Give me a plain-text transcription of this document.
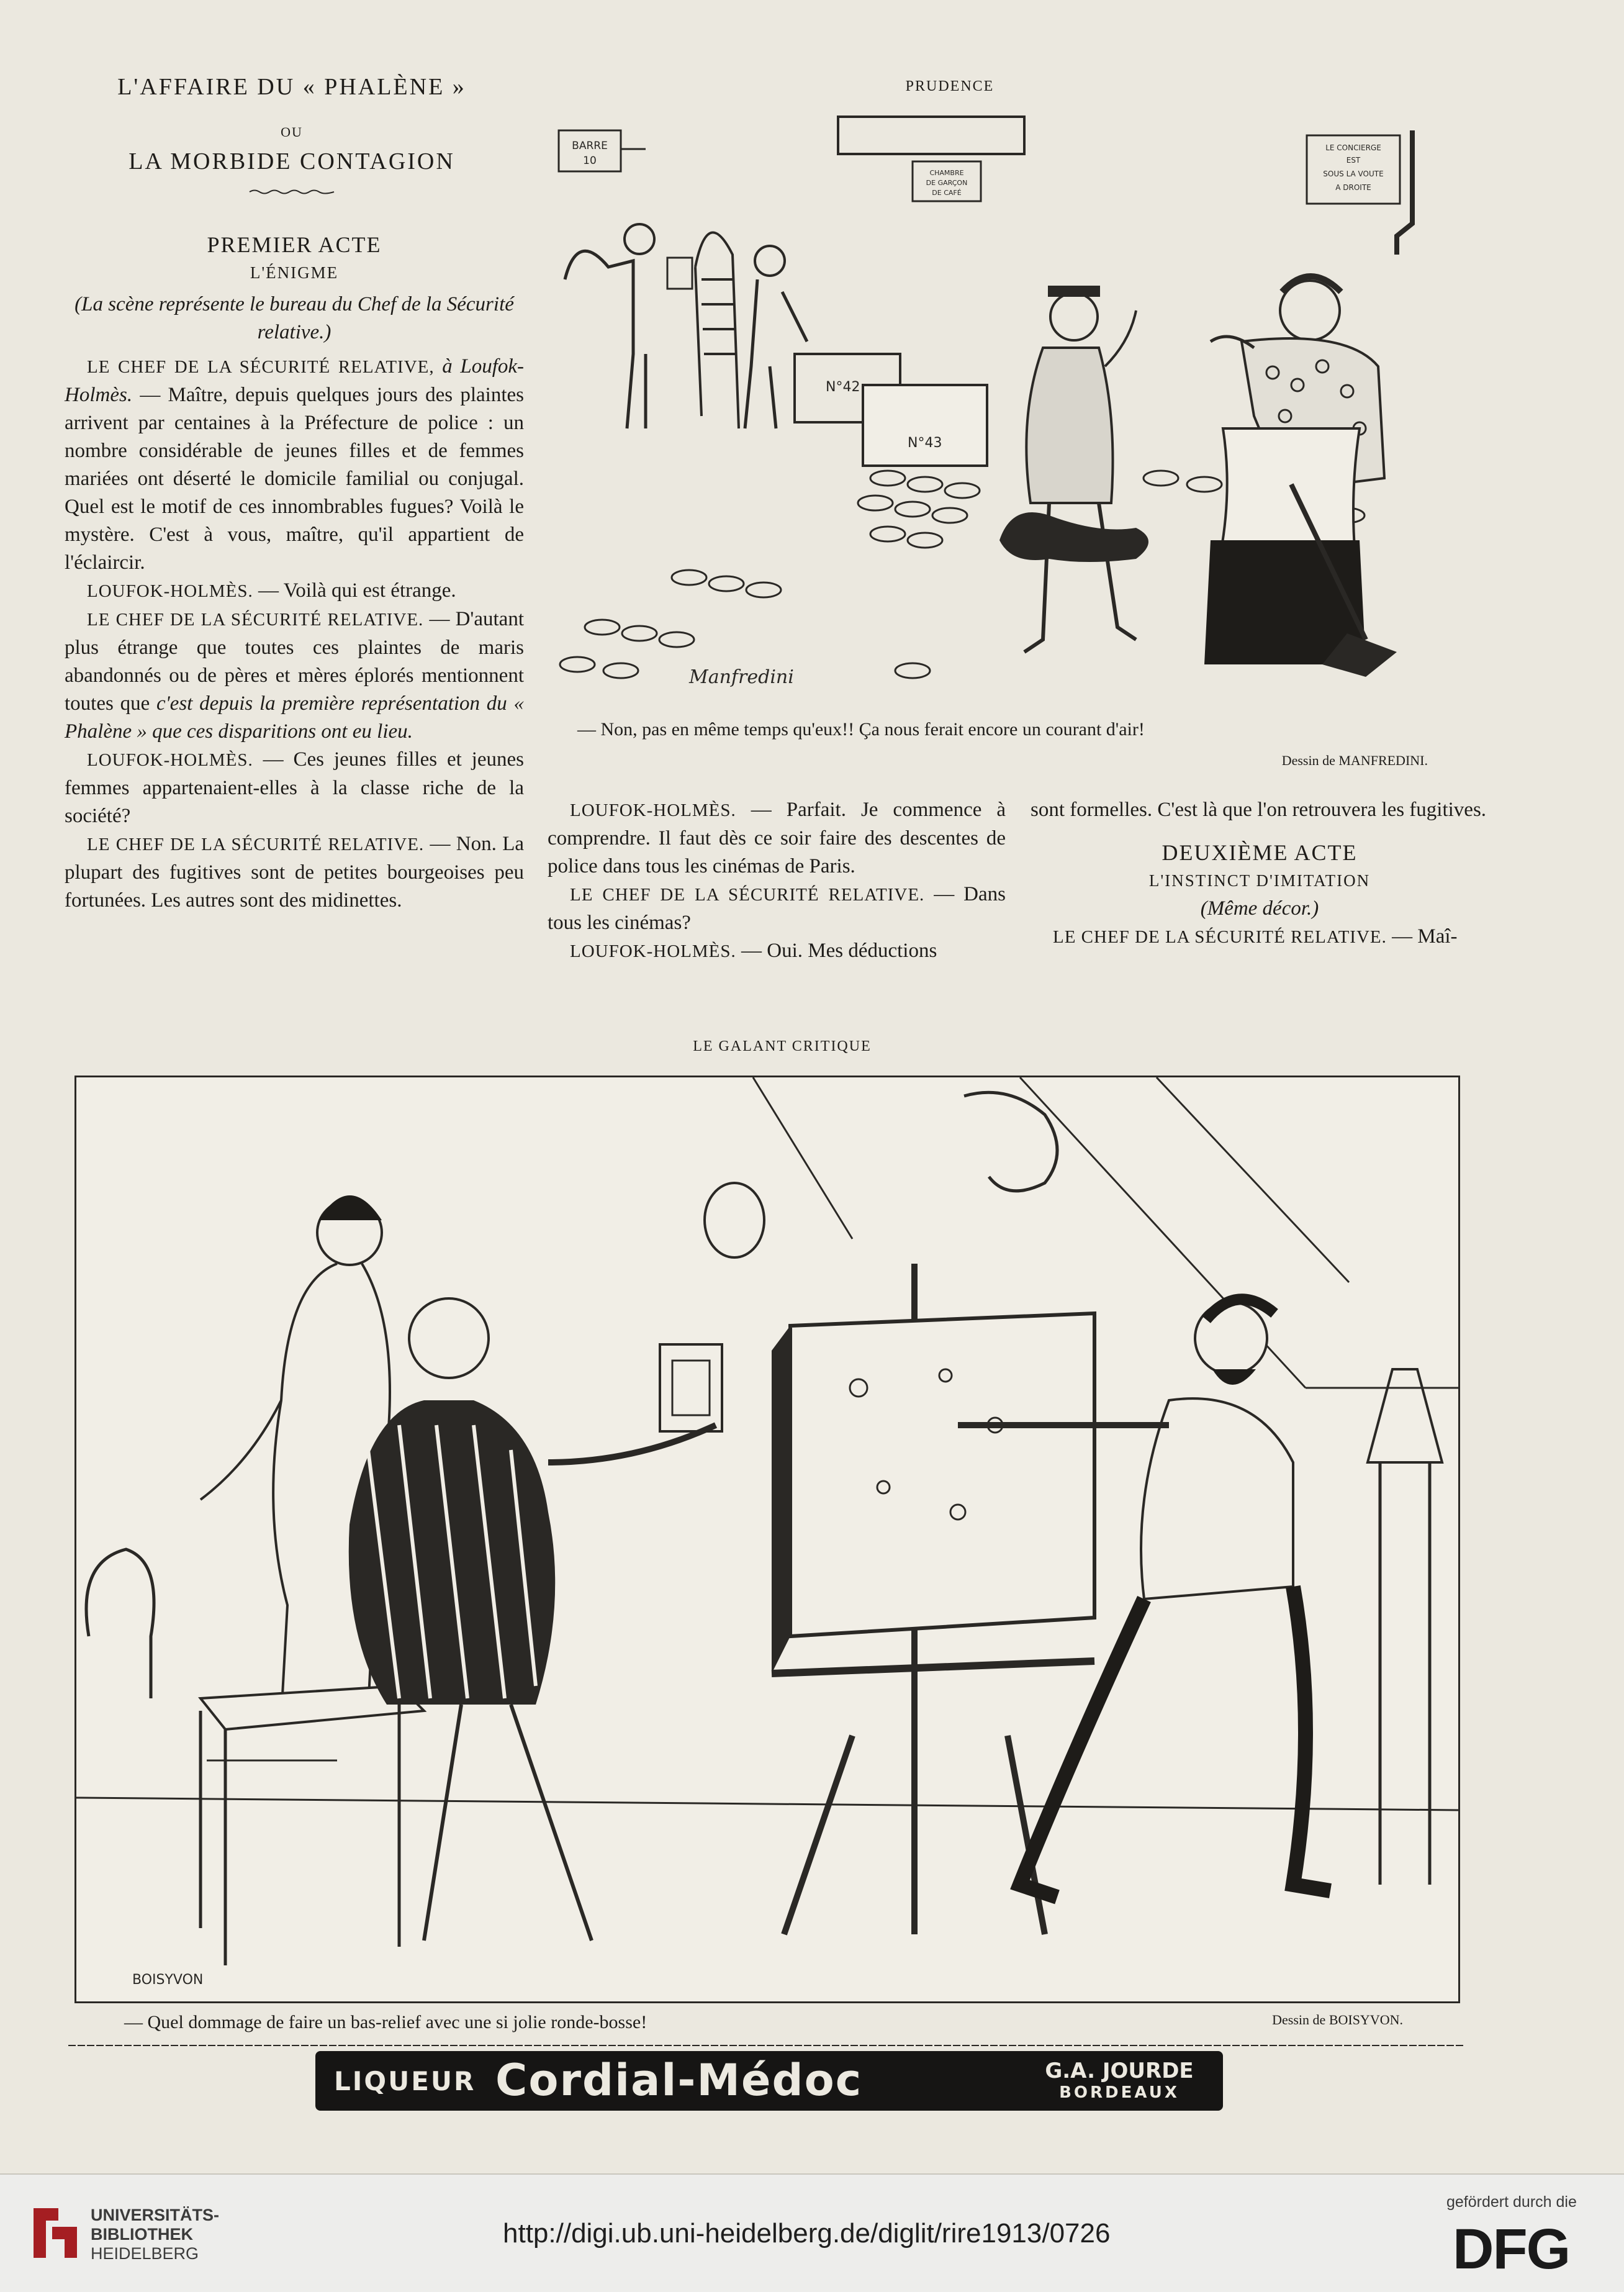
L'AFFAIRE DU « PHALÈNE »
OU
LA MORBIDE CONTAGION

PREMIER ACTE

L'ÉNIGME

(La scène représente le bureau du Chef de la Sécurité relative.)

LE CHEF DE LA SÉCURITÉ RELATIVE, à Loufok-Holmès. — Maître, depuis quelques jours des plaintes arrivent par centaines à la Préfecture de police : un nombre considérable de jeunes filles et de femmes mariées ont déserté le domicile familial ou conjugal. Quel est le motif de ces innombrables fugues? Voilà le mystère. C'est à vous, maître, qu'il appartient de l'éclaircir.

LOUFOK-HOLMÈS. — Voilà qui est étrange.

LE CHEF DE LA SÉCURITÉ RELATIVE. — D'autant plus étrange que toutes ces plaintes de maris abandonnés ou de pères et mères éplorés mentionnent toutes que c'est depuis la première représentation du « Phalène » que ces disparitions ont eu lieu.

LOUFOK-HOLMÈS. — Ces jeunes filles et jeunes femmes appartenaient-elles à la classe riche de la société?

LE CHEF DE LA SÉCURITÉ RELATIVE. — Non. La plupart des fugitives sont de petites bourgeoises peu fortunées. Les autres sont des midinettes.

PRUDENCE
BARRE
10
CHAMBRE
DE GARÇON
DE CAFÉ
LE CONCIERGE
EST
SOUS LA VOUTE
A DROITE
N°42
N°43
Manfredini
— Non, pas en même temps qu'eux!! Ça nous ferait encore un courant d'air!
Dessin de MANFREDINI.

LOUFOK-HOLMÈS. — Parfait. Je commence à comprendre. Il faut dès ce soir faire des descentes de police dans tous les cinémas de Paris.

LE CHEF DE LA SÉCURITÉ RELATIVE. — Dans tous les cinémas?

LOUFOK-HOLMÈS. — Oui. Mes déductions

sont formelles. C'est là que l'on retrouvera les fugitives.

DEUXIÈME ACTE

L'INSTINCT D'IMITATION

(Même décor.)

LE CHEF DE LA SÉCURITÉ RELATIVE. — Maî-

LE GALANT CRITIQUE
BOISYVON
— Quel dommage de faire un bas-relief avec une si jolie ronde-bosse!	Dessin de BOISYVON.
LIQUEUR Cordial-Médoc	G.A. JOURDE
BORDEAUX
UNIVERSITÄTS-
BIBLIOTHEK
HEIDELBERG
http://digi.ub.uni-heidelberg.de/diglit/rire1913/0726
gefördert durch die
DFG
